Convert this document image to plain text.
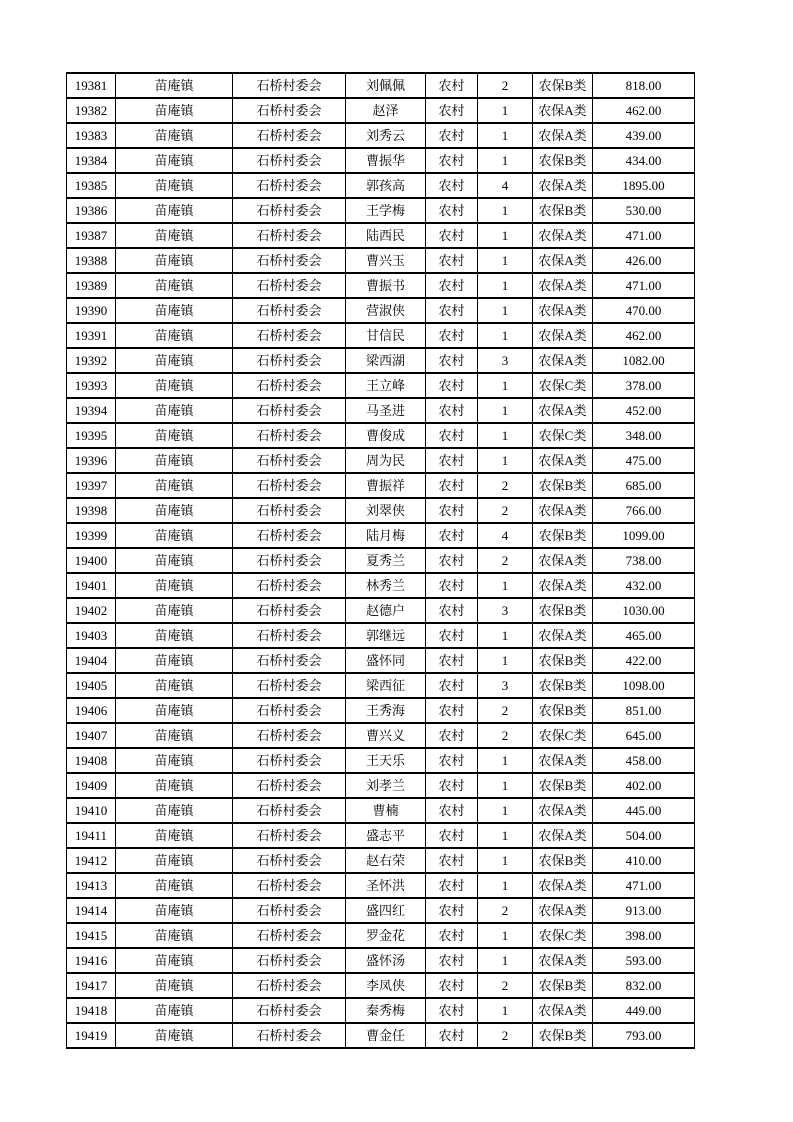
19381	苗庵镇	石桥村委会	刘佩佩	农村	2	农保B类	818.00
19382	苗庵镇	石桥村委会	赵泽	农村	1	农保A类	462.00
19383	苗庵镇	石桥村委会	刘秀云	农村	1	农保A类	439.00
19384	苗庵镇	石桥村委会	曹振华	农村	1	农保B类	434.00
19385	苗庵镇	石桥村委会	郭孩高	农村	4	农保A类	1895.00
19386	苗庵镇	石桥村委会	王学梅	农村	1	农保B类	530.00
19387	苗庵镇	石桥村委会	陆西民	农村	1	农保A类	471.00
19388	苗庵镇	石桥村委会	曹兴玉	农村	1	农保A类	426.00
19389	苗庵镇	石桥村委会	曹振书	农村	1	农保A类	471.00
19390	苗庵镇	石桥村委会	营淑侠	农村	1	农保A类	470.00
19391	苗庵镇	石桥村委会	甘信民	农村	1	农保A类	462.00
19392	苗庵镇	石桥村委会	梁西湖	农村	3	农保A类	1082.00
19393	苗庵镇	石桥村委会	王立峰	农村	1	农保C类	378.00
19394	苗庵镇	石桥村委会	马圣进	农村	1	农保A类	452.00
19395	苗庵镇	石桥村委会	曹俊成	农村	1	农保C类	348.00
19396	苗庵镇	石桥村委会	周为民	农村	1	农保A类	475.00
19397	苗庵镇	石桥村委会	曹振祥	农村	2	农保B类	685.00
19398	苗庵镇	石桥村委会	刘翠侠	农村	2	农保A类	766.00
19399	苗庵镇	石桥村委会	陆月梅	农村	4	农保B类	1099.00
19400	苗庵镇	石桥村委会	夏秀兰	农村	2	农保A类	738.00
19401	苗庵镇	石桥村委会	林秀兰	农村	1	农保A类	432.00
19402	苗庵镇	石桥村委会	赵德户	农村	3	农保B类	1030.00
19403	苗庵镇	石桥村委会	郭继远	农村	1	农保A类	465.00
19404	苗庵镇	石桥村委会	盛怀同	农村	1	农保B类	422.00
19405	苗庵镇	石桥村委会	梁西征	农村	3	农保B类	1098.00
19406	苗庵镇	石桥村委会	王秀海	农村	2	农保B类	851.00
19407	苗庵镇	石桥村委会	曹兴义	农村	2	农保C类	645.00
19408	苗庵镇	石桥村委会	王天乐	农村	1	农保A类	458.00
19409	苗庵镇	石桥村委会	刘孝兰	农村	1	农保B类	402.00
19410	苗庵镇	石桥村委会	曹楠	农村	1	农保A类	445.00
19411	苗庵镇	石桥村委会	盛志平	农村	1	农保A类	504.00
19412	苗庵镇	石桥村委会	赵右荣	农村	1	农保B类	410.00
19413	苗庵镇	石桥村委会	圣怀洪	农村	1	农保A类	471.00
19414	苗庵镇	石桥村委会	盛四红	农村	2	农保A类	913.00
19415	苗庵镇	石桥村委会	罗金花	农村	1	农保C类	398.00
19416	苗庵镇	石桥村委会	盛怀汤	农村	1	农保A类	593.00
19417	苗庵镇	石桥村委会	李凤侠	农村	2	农保B类	832.00
19418	苗庵镇	石桥村委会	秦秀梅	农村	1	农保A类	449.00
19419	苗庵镇	石桥村委会	曹金任	农村	2	农保B类	793.00
